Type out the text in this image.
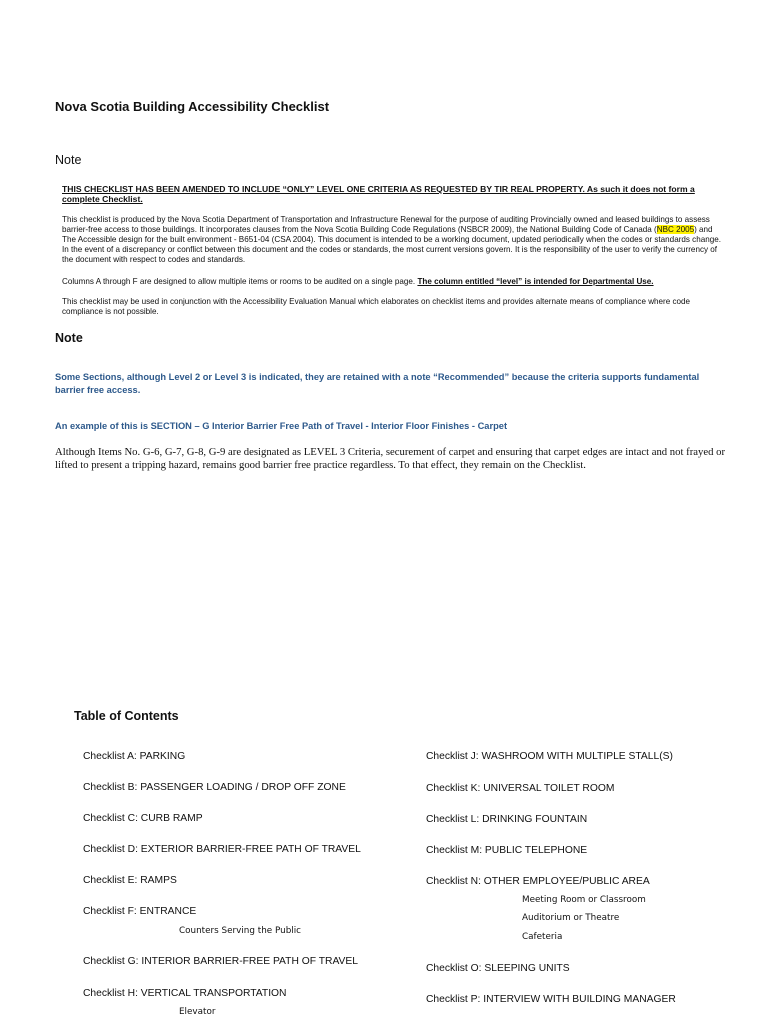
Nova Scotia Building Accessibility Checklist
Note
THIS CHECKLIST HAS BEEN AMENDED TO INCLUDE “ONLY” LEVEL ONE CRITERIA AS REQUESTED BY TIR REAL PROPERTY. As such it does not form a complete Checklist.
This checklist is produced by the Nova Scotia Department of Transportation and Infrastructure Renewal for the purpose of auditing Provincially owned and leased buildings to assess barrier-free access to those buildings. It incorporates clauses from the Nova Scotia Building Code Regulations (NSBCR 2009), the National Building Code of Canada (NBC 2005) and The Accessible design for the built environment - B651-04 (CSA 2004). This document is intended to be a working document, updated periodically when the codes or standards change. In the event of a discrepancy or conflict between this document and the codes or standards, the most current versions govern. It is the responsibility of the user to verify the currency of the document with respect to codes and standards.
Columns A through F are designed to allow multiple items or rooms to be audited on a single page. The column entitled “level” is intended for Departmental Use.
This checklist may be used in conjunction with the Accessibility Evaluation Manual which elaborates on checklist items and provides alternate means of compliance where code compliance is not possible.
Note
Some Sections, although Level 2 or Level 3 is indicated, they are retained with a note “Recommended” because the criteria supports fundamental barrier free access.
An example of this is SECTION – G Interior Barrier Free Path of Travel - Interior Floor Finishes - Carpet
Although Items No. G-6, G-7, G-8, G-9 are designated as LEVEL 3 Criteria, securement of carpet and ensuring that carpet edges are intact and not frayed or lifted to present a tripping hazard, remains good barrier free practice regardless. To that effect, they remain on the Checklist.
Table of Contents
Checklist A: PARKING
Checklist B: PASSENGER LOADING / DROP OFF ZONE
Checklist C: CURB RAMP
Checklist D: EXTERIOR BARRIER-FREE PATH OF TRAVEL
Checklist E: RAMPS
Checklist F: ENTRANCE
Counters Serving the Public
Checklist G: INTERIOR BARRIER-FREE PATH OF TRAVEL
Checklist H: VERTICAL TRANSPORTATION
Elevator
Checklist J: WASHROOM WITH MULTIPLE STALL(S)
Checklist K: UNIVERSAL TOILET ROOM
Checklist L: DRINKING FOUNTAIN
Checklist M: PUBLIC TELEPHONE
Checklist N: OTHER EMPLOYEE/PUBLIC AREA
Meeting Room or Classroom
Auditorium or Theatre
Cafeteria
Checklist O: SLEEPING UNITS
Checklist P: INTERVIEW WITH BUILDING MANAGER
